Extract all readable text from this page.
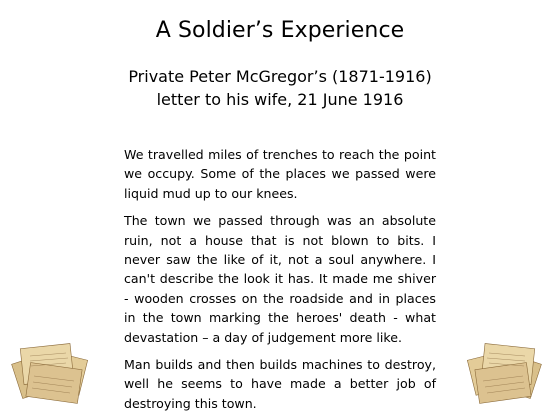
A Soldier’s Experience
Private Peter McGregor’s (1871-1916)
letter to his wife, 21 June 1916

We travelled miles of trenches to reach the point we occupy. Some of the places we passed were liquid mud up to our knees.

The town we passed through was an absolute ruin, not a house that is not blown to bits. I never saw the like of it, not a soul anywhere. I can't describe the look it has. It made me shiver - wooden crosses on the roadside and in places in the town marking the heroes' death - what devastation – a day of judgement more like.

Man builds and then builds machines to destroy, well he seems to have made a better job of destroying this town.
